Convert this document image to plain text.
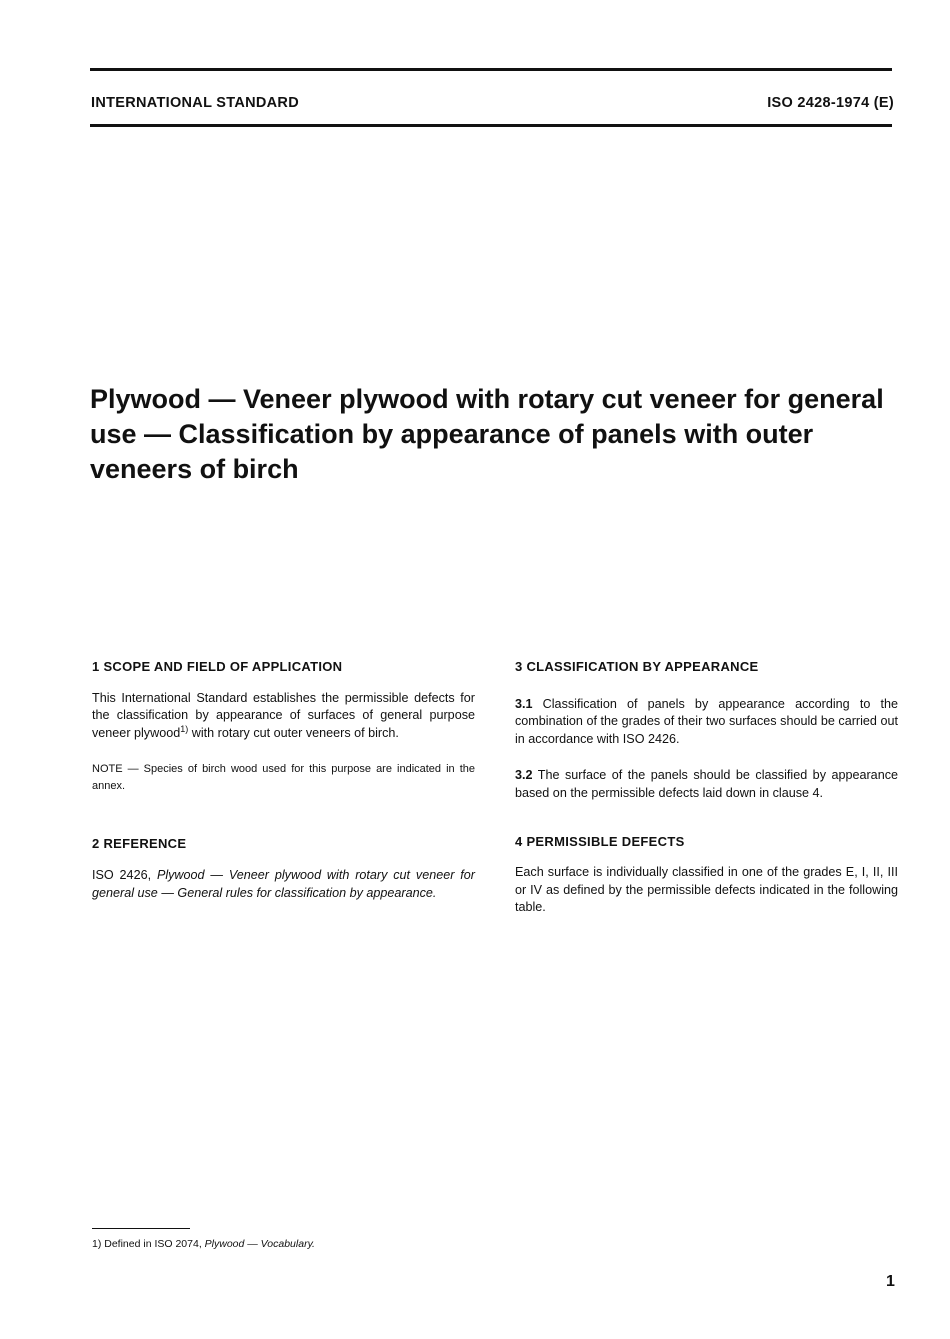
INTERNATIONAL STANDARD	ISO 2428-1974 (E)
Plywood — Veneer plywood with rotary cut veneer for general use — Classification by appearance of panels with outer veneers of birch
1 SCOPE AND FIELD OF APPLICATION
This International Standard establishes the permissible defects for the classification by appearance of surfaces of general purpose veneer plywood$^{1)}$ with rotary cut outer veneers of birch.
NOTE — Species of birch wood used for this purpose are indicated in the annex.
2 REFERENCE
ISO 2426, Plywood — Veneer plywood with rotary cut veneer for general use — General rules for classification by appearance.
3 CLASSIFICATION BY APPEARANCE
3.1 Classification of panels by appearance according to the combination of the grades of their two surfaces should be carried out in accordance with ISO 2426.
3.2 The surface of the panels should be classified by appearance based on the permissible defects laid down in clause 4.
4 PERMISSIBLE DEFECTS
Each surface is individually classified in one of the grades E, I, II, III or IV as defined by the permissible defects indicated in the following table.
1) Defined in ISO 2074, Plywood — Vocabulary.
1
